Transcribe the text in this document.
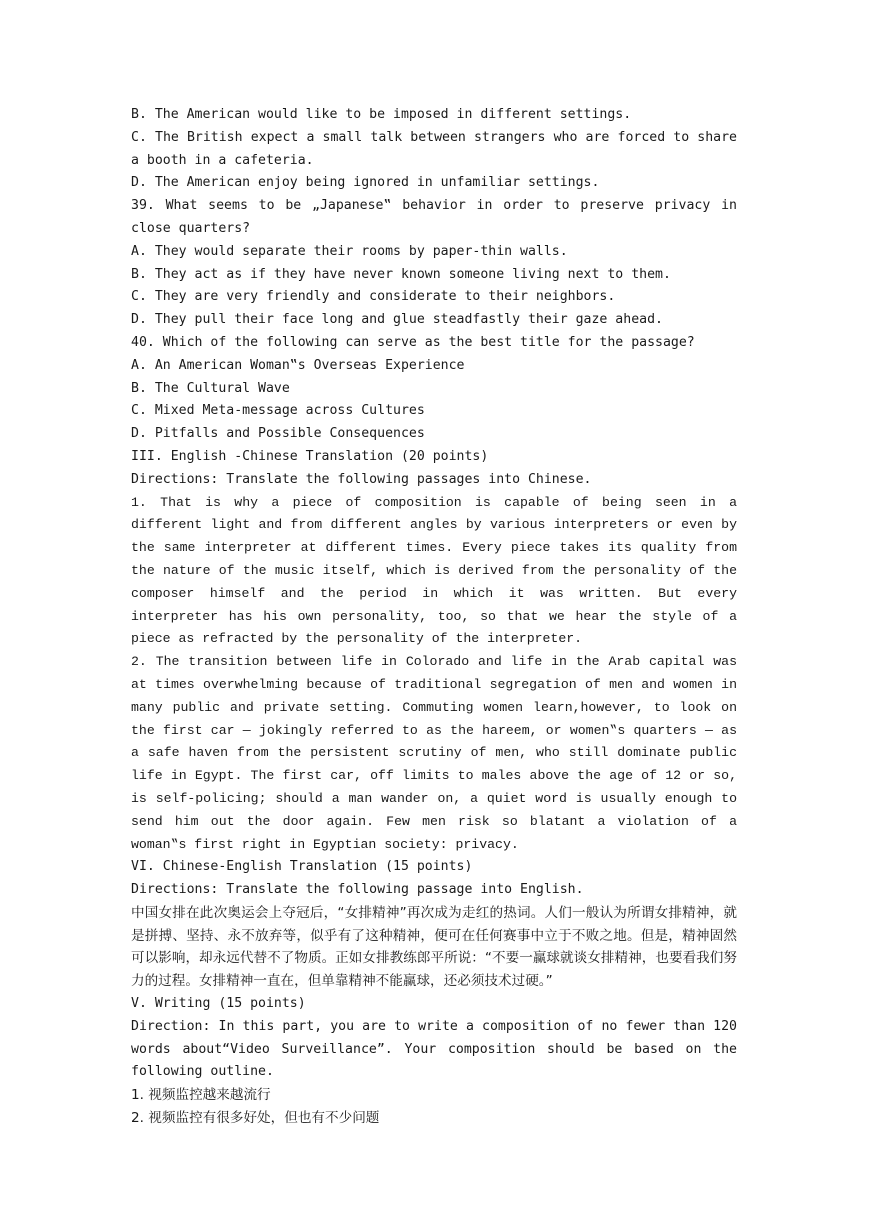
B. The American would like to be imposed in different settings.

C. The British expect a small talk between strangers who are forced to share a booth in a cafeteria.

D. The American enjoy being ignored in unfamiliar settings.

39. What seems to be „Japanese‟ behavior in order to preserve privacy in close quarters?

A. They would separate their rooms by paper-thin walls.

B. They act as if they have never known someone living next to them.

C. They are very friendly and considerate to their neighbors.

D. They pull their face long and glue steadfastly their gaze ahead.

40. Which of the following can serve as the best title for the passage?

A. An American Woman‟s Overseas Experience

B. The Cultural Wave

C. Mixed Meta-message across Cultures

D. Pitfalls and Possible Consequences

III. English -Chinese Translation (20 points)

Directions: Translate the following passages into Chinese.

1. That is why a piece of composition is capable of being seen in a different light and from different angles by various interpreters or even by the same interpreter at different times. Every piece takes its quality from the nature of the music itself, which is derived from the personality of the composer himself and the period in which it was written. But every interpreter has his own personality, too, so that we hear the style of a piece as refracted by the personality of the interpreter.

2. The transition between life in Colorado and life in the Arab capital was at times overwhelming because of traditional segregation of men and women in many public and private setting. Commuting women learn,however, to look on the first car — jokingly referred to as the hareem, or women‟s quarters — as a safe haven from the persistent scrutiny of men, who still dominate public life in Egypt. The first car, off limits to males above the age of 12 or so, is self-policing; should a man wander on, a quiet word is usually enough to send him out the door again. Few men risk so blatant a violation of a woman‟s first right in Egyptian society: privacy.

VI. Chinese-English Translation (15 points)

Directions: Translate the following passage into English.

中国女排在此次奥运会上夺冠后，“女排精神”再次成为走红的热词。人们一般认为所谓女排精神，就是拼搏、坚持、永不放弃等，似乎有了这种精神，便可在任何赛事中立于不败之地。但是，精神固然可以影响，却永远代替不了物质。正如女排教练郎平所说：“不要一赢球就谈女排精神，也要看我们努力的过程。女排精神一直在，但单靠精神不能赢球，还必须技术过硬。”

V. Writing (15 points)

Direction: In this part, you are to write a composition of no fewer than 120 words about“Video Surveillance”. Your composition should be based on the following outline.

1. 视频监控越来越流行

2. 视频监控有很多好处，但也有不少问题
